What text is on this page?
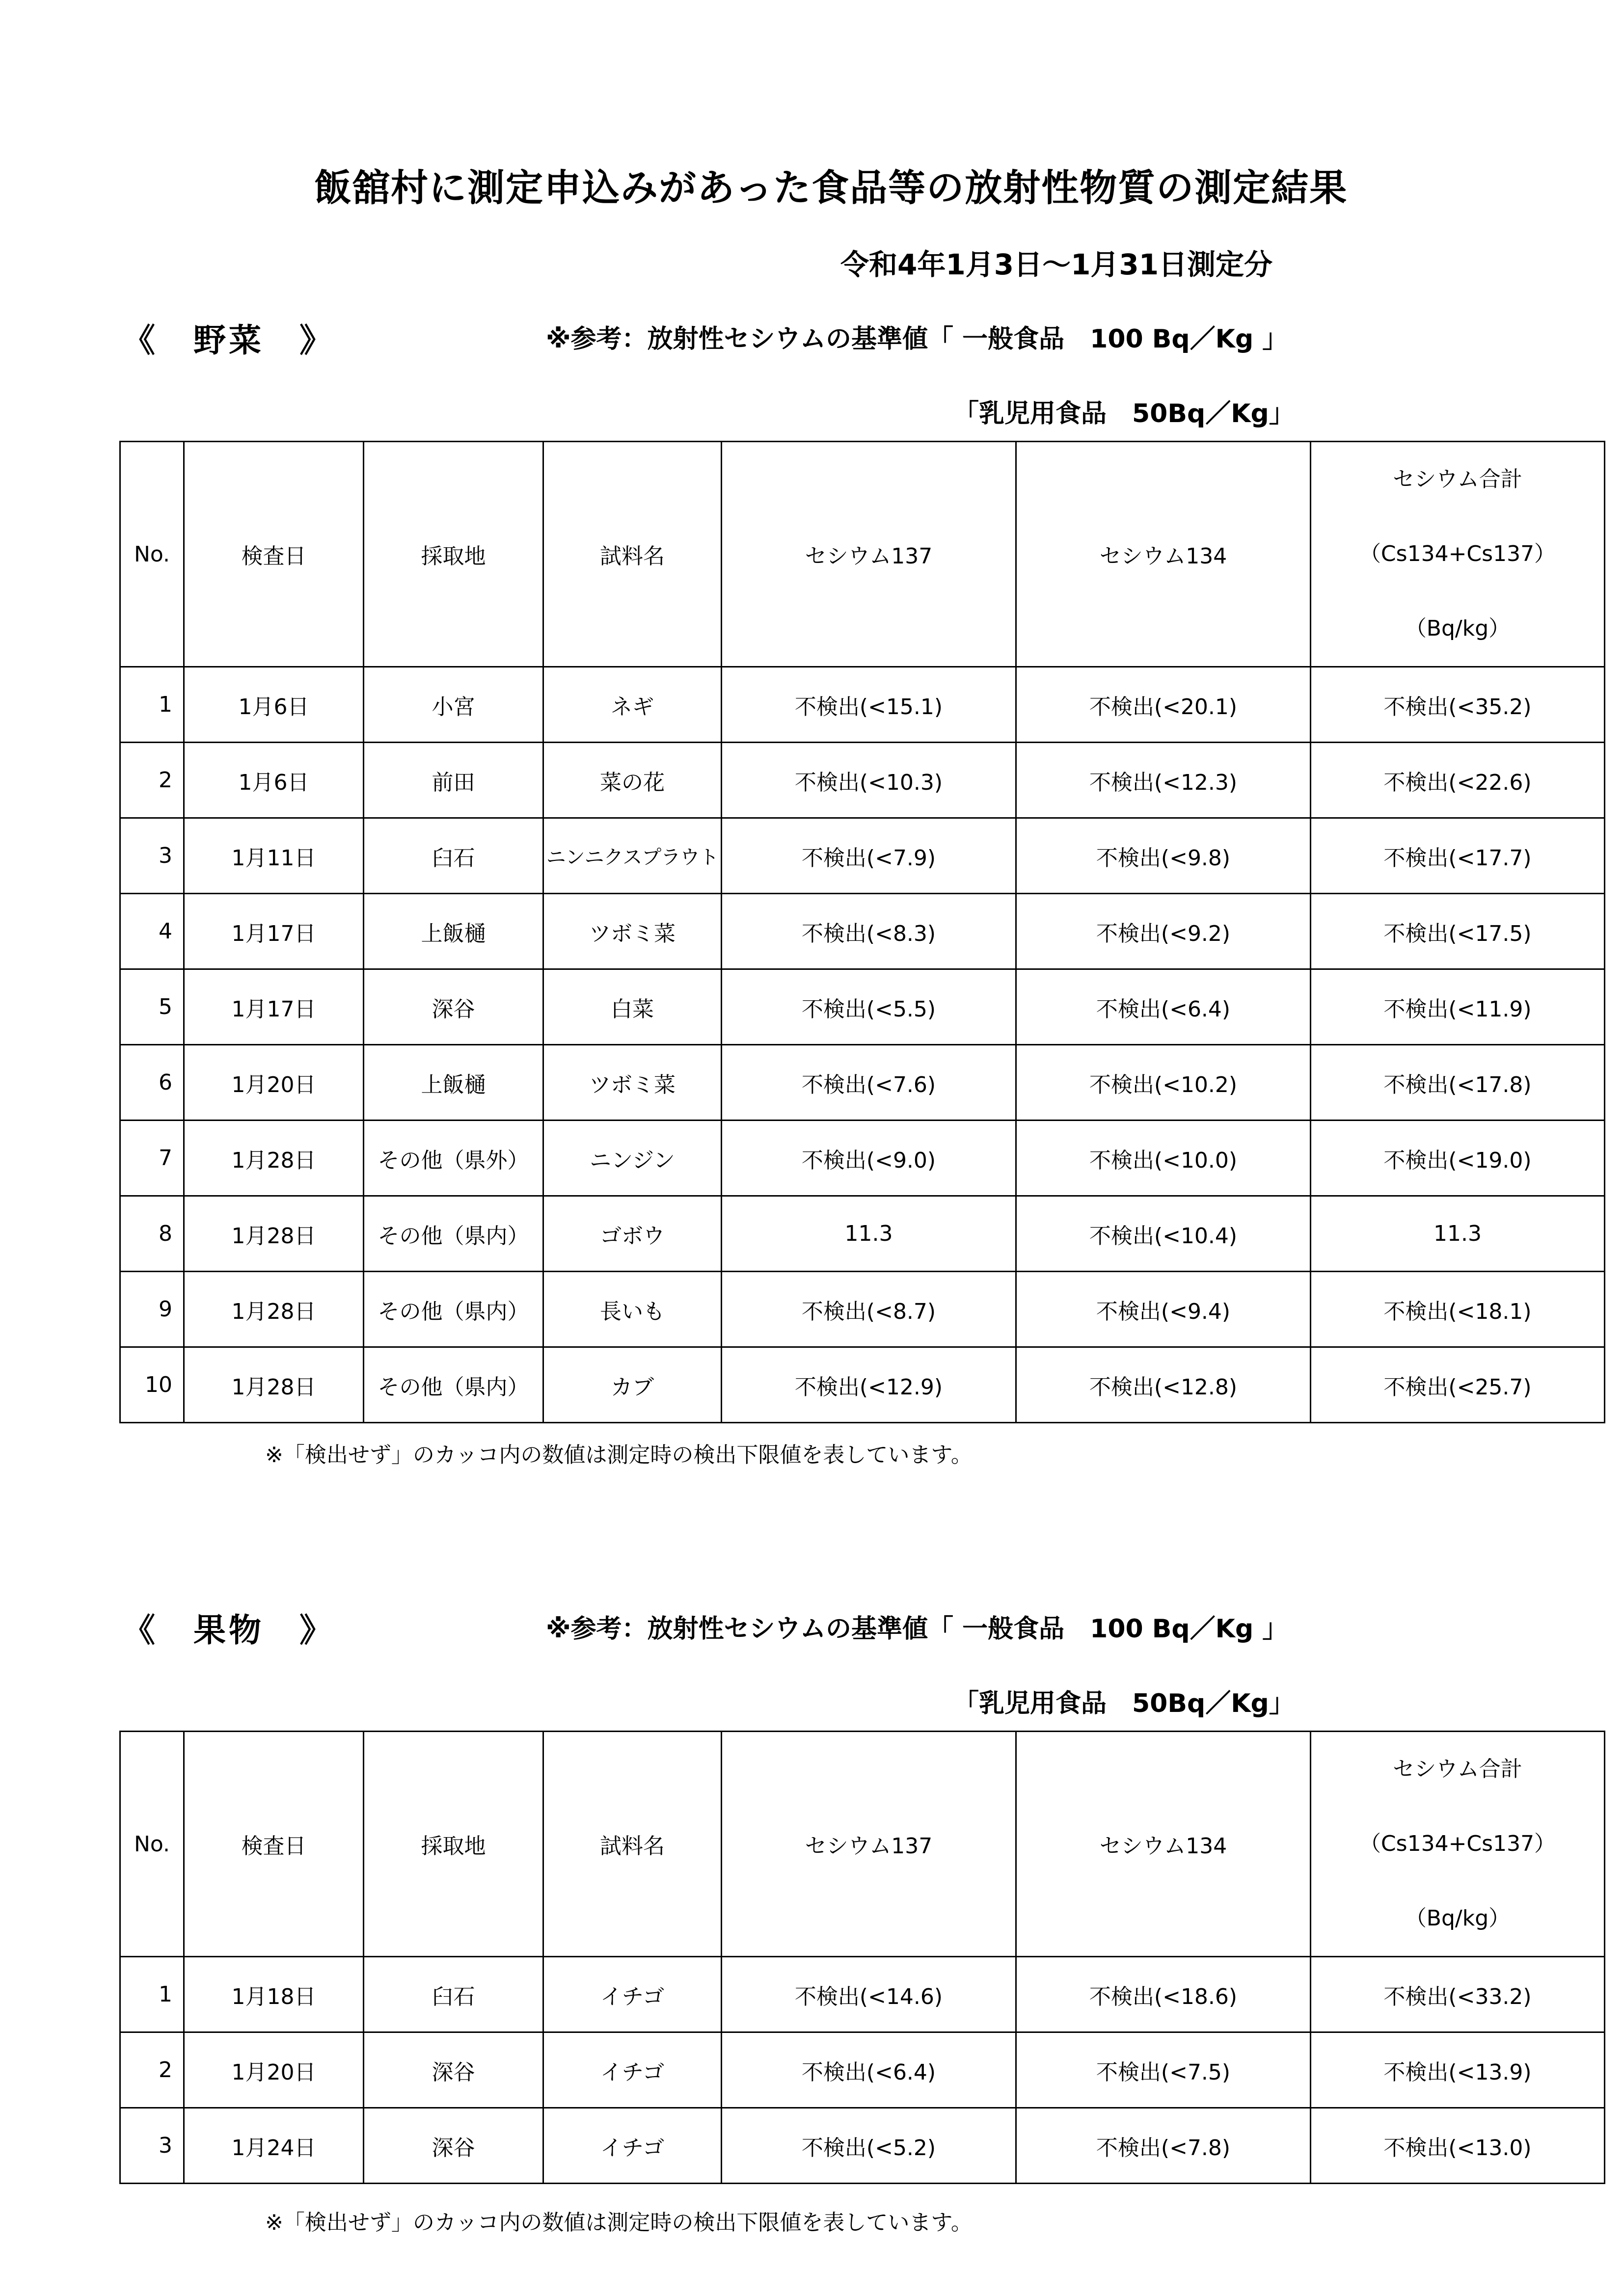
飯舘村に測定申込みがあった食品等の放射性物質の測定結果
令和4年1月3日～1月31日測定分
《　野菜　》	※参考：放射性セシウムの基準値「 一般食品　100 Bq／Kg 」
「乳児用食品　50Bq／Kg」
No.	検査日	採取地	試料名	セシウム137	セシウム134	セシウム合計
（Cs134+Cs137）
（Bq/kg）

1	1月6日	小宮	ネギ	不検出(<15.1)	不検出(<20.1)	不検出(<35.2)
2	1月6日	前田	菜の花	不検出(<10.3)	不検出(<12.3)	不検出(<22.6)
3	1月11日	臼石	ニンニクスプラウト	不検出(<7.9)	不検出(<9.8)	不検出(<17.7)
4	1月17日	上飯樋	ツボミ菜	不検出(<8.3)	不検出(<9.2)	不検出(<17.5)
5	1月17日	深谷	白菜	不検出(<5.5)	不検出(<6.4)	不検出(<11.9)
6	1月20日	上飯樋	ツボミ菜	不検出(<7.6)	不検出(<10.2)	不検出(<17.8)
7	1月28日	その他（県外）	ニンジン	不検出(<9.0)	不検出(<10.0)	不検出(<19.0)
8	1月28日	その他（県内）	ゴボウ	11.3	不検出(<10.4)	11.3
9	1月28日	その他（県内）	長いも	不検出(<8.7)	不検出(<9.4)	不検出(<18.1)
10	1月28日	その他（県内）	カブ	不検出(<12.9)	不検出(<12.8)	不検出(<25.7)
※「検出せず」のカッコ内の数値は測定時の検出下限値を表しています。
《　果物　》	※参考：放射性セシウムの基準値「 一般食品　100 Bq／Kg 」
「乳児用食品　50Bq／Kg」
No.	検査日	採取地	試料名	セシウム137	セシウム134	セシウム合計
（Cs134+Cs137）
（Bq/kg）

1	1月18日	臼石	イチゴ	不検出(<14.6)	不検出(<18.6)	不検出(<33.2)
2	1月20日	深谷	イチゴ	不検出(<6.4)	不検出(<7.5)	不検出(<13.9)
3	1月24日	深谷	イチゴ	不検出(<5.2)	不検出(<7.8)	不検出(<13.0)
※「検出せず」のカッコ内の数値は測定時の検出下限値を表しています。
